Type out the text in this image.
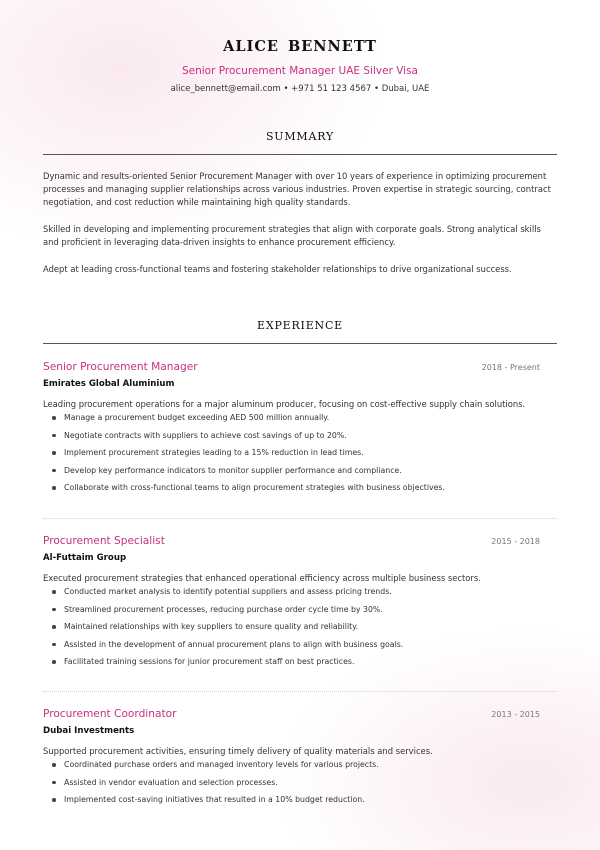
ALICE BENNETT
Senior Procurement Manager UAE Silver Visa
alice_bennett@email.com • +971 51 123 4567 • Dubai, UAE
SUMMARY

Dynamic and results-oriented Senior Procurement Manager with over 10 years of experience in optimizing procurement processes and managing supplier relationships across various industries. Proven expertise in strategic sourcing, contract negotiation, and cost reduction while maintaining high quality standards.

Skilled in developing and implementing procurement strategies that align with corporate goals. Strong analytical skills and proficient in leveraging data-driven insights to enhance procurement efficiency.

Adept at leading cross-functional teams and fostering stakeholder relationships to drive organizational success.

EXPERIENCE
Senior Procurement Manager	2018 - Present
Emirates Global Aluminium
Leading procurement operations for a major aluminum producer, focusing on cost-effective supply chain solutions.
Manage a procurement budget exceeding AED 500 million annually.
Negotiate contracts with suppliers to achieve cost savings of up to 20%.
Implement procurement strategies leading to a 15% reduction in lead times.
Develop key performance indicators to monitor supplier performance and compliance.
Collaborate with cross-functional teams to align procurement strategies with business objectives.
Procurement Specialist	2015 - 2018
Al-Futtaim Group
Executed procurement strategies that enhanced operational efficiency across multiple business sectors.
Conducted market analysis to identify potential suppliers and assess pricing trends.
Streamlined procurement processes, reducing purchase order cycle time by 30%.
Maintained relationships with key suppliers to ensure quality and reliability.
Assisted in the development of annual procurement plans to align with business goals.
Facilitated training sessions for junior procurement staff on best practices.
Procurement Coordinator	2013 - 2015
Dubai Investments
Supported procurement activities, ensuring timely delivery of quality materials and services.
Coordinated purchase orders and managed inventory levels for various projects.
Assisted in vendor evaluation and selection processes.
Implemented cost-saving initiatives that resulted in a 10% budget reduction.
